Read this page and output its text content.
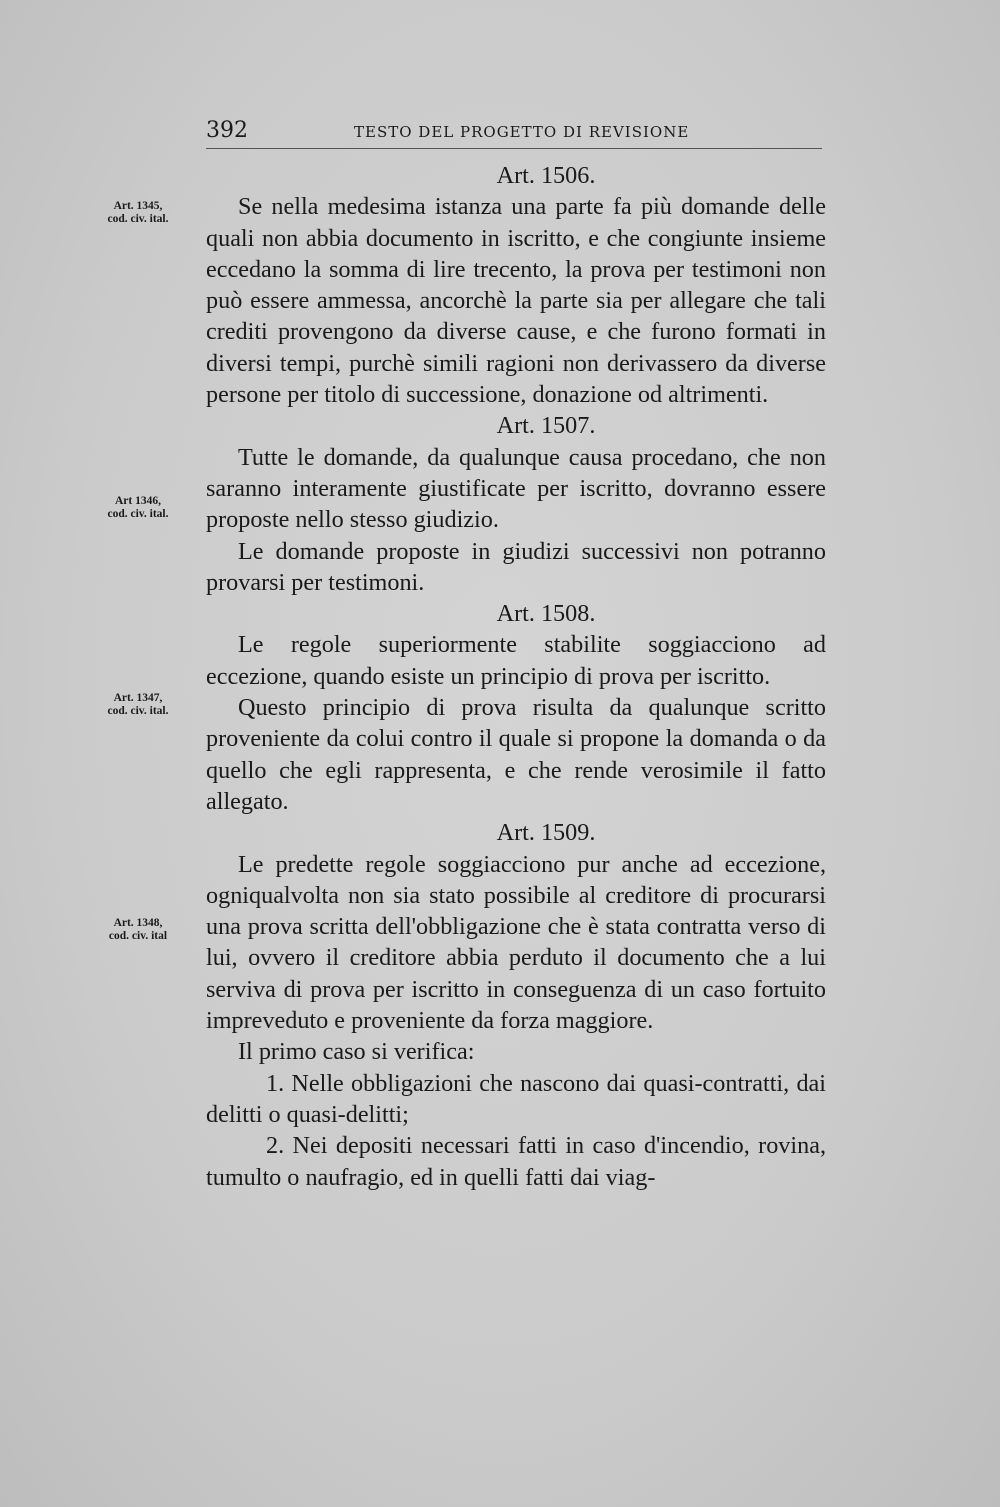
392	TESTO DEL PROGETTO DI REVISIONE
Art. 1345,
cod. civ. ital.
Art 1346,
cod. civ. ital.
Art. 1347,
cod. civ. ital.
Art. 1348,
cod. civ. ital

Art. 1506.

Se nella medesima istanza una parte fa più domande delle quali non abbia documento in iscritto, e che congiunte insieme eccedano la somma di lire trecento, la prova per testimoni non può essere ammessa, ancorchè la parte sia per allegare che tali crediti provengono da diverse cause, e che furono formati in diversi tempi, purchè simili ragioni non derivassero da diverse persone per titolo di successione, donazione od altrimenti.

Art. 1507.

Tutte le domande, da qualunque causa procedano, che non saranno interamente giustificate per iscritto, dovranno essere proposte nello stesso giudizio.

Le domande proposte in giudizi successivi non potranno provarsi per testimoni.

Art. 1508.

Le regole superiormente stabilite soggiacciono ad eccezione, quando esiste un principio di prova per iscritto.

Questo principio di prova risulta da qualunque scritto proveniente da colui contro il quale si propone la domanda o da quello che egli rappresenta, e che rende verosimile il fatto allegato.

Art. 1509.

Le predette regole soggiacciono pur anche ad eccezione, ogniqualvolta non sia stato possibile al creditore di procurarsi una prova scritta dell'obbligazione che è stata contratta verso di lui, ovvero il creditore abbia perduto il documento che a lui serviva di prova per iscritto in conseguenza di un caso fortuito impreveduto e proveniente da forza maggiore.

Il primo caso si verifica:

1. Nelle obbligazioni che nascono dai quasi-contratti, dai delitti o quasi-delitti;

2. Nei depositi necessari fatti in caso d'incendio, rovina, tumulto o naufragio, ed in quelli fatti dai viag-
